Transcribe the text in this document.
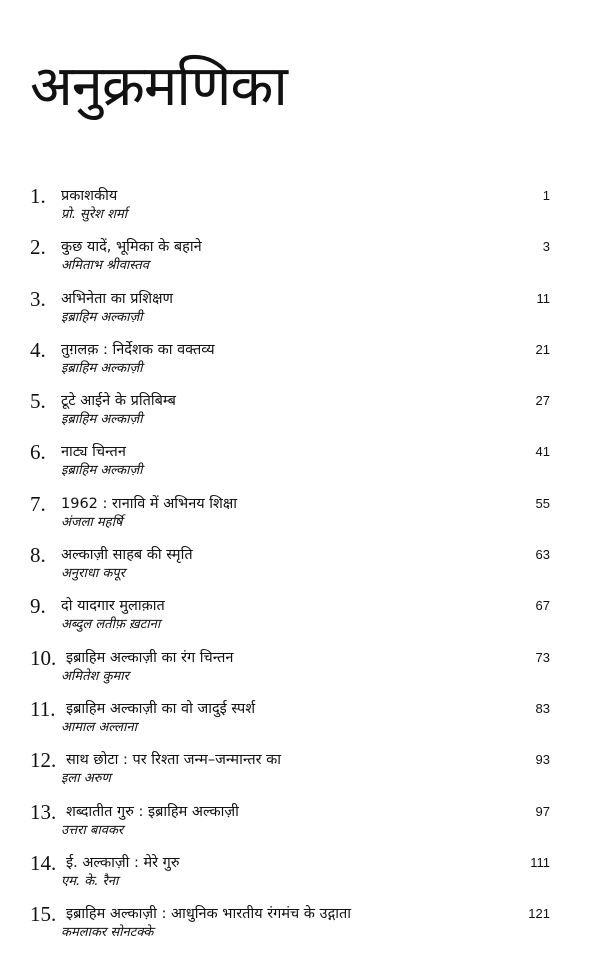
अनुक्रमणिका
1. प्रकाशकीय
प्रो. सुरेश शर्मा
1
2. कुछ यादें, भूमिका के बहाने
अमिताभ श्रीवास्तव
3
3. अभिनेता का प्रशिक्षण
इब्राहिम अल्काज़ी
11
4. तुग़लक़ : निर्देशक का वक्तव्य
इब्राहिम अल्काज़ी
21
5. टूटे आईने के प्रतिबिम्ब
इब्राहिम अल्काज़ी
27
6. नाट्य चिन्तन
इब्राहिम अल्काज़ी
41
7. 1962 : रानावि में अभिनय शिक्षा
अंजला महर्षि
55
8. अल्काज़ी साहब की स्मृति
अनुराधा कपूर
63
9. दो यादगार मुलाक़ात
अब्दुल लतीफ़ ख़टाना
67
10. इब्राहिम अल्काज़ी का रंग चिन्तन
अमितेश कुमार
73
11. इब्राहिम अल्काज़ी का वो जादुई स्पर्श
आमाल अल्लाना
83
12. साथ छोटा : पर रिश्ता जन्म–जन्मान्तर का
इला अरुण
93
13. शब्दातीत गुरु : इब्राहिम अल्काज़ी
उत्तरा बावकर
97
14. ई. अल्काज़ी : मेरे गुरु
एम. के. रैना
111
15. इब्राहिम अल्काज़ी : आधुनिक भारतीय रंगमंच के उद्गाता
कमलाकर सोनटक्के
121
